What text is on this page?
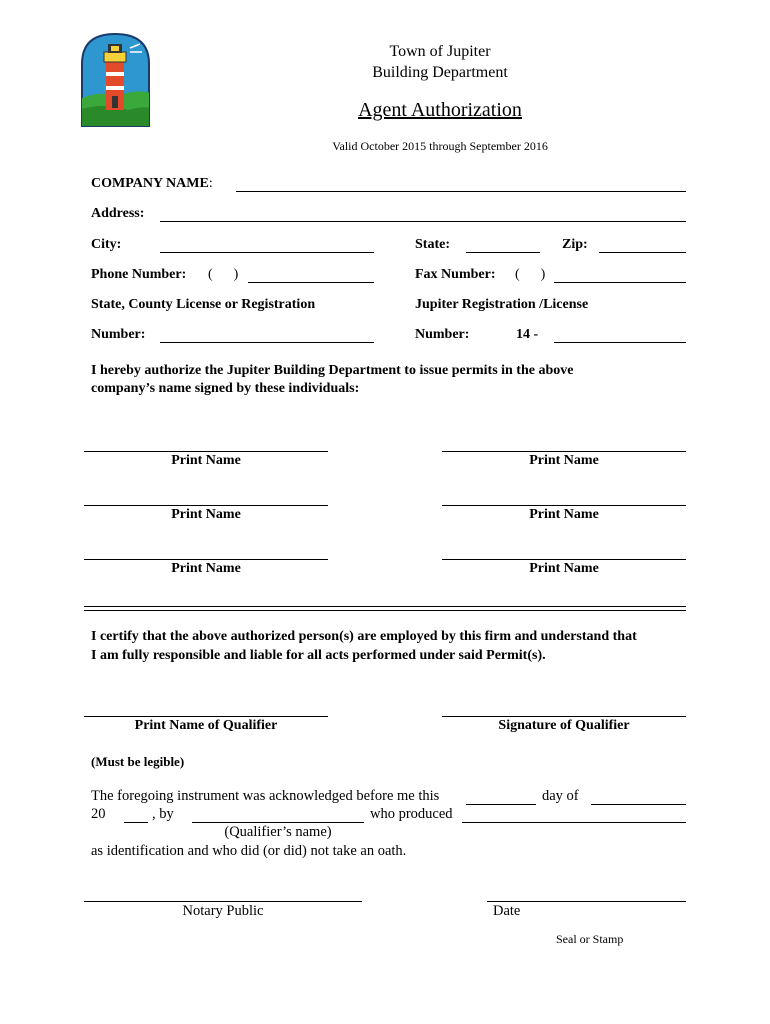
Town of Jupiter
Building Department
Agent Authorization
Valid October 2015 through September 2016
COMPANY NAME:
Address:
City:	State:	Zip:
Phone Number: (      )	Fax Number: (      )
State, County License or Registration	Jupiter Registration /License
Number:	Number:	14 -
I hereby authorize the Jupiter Building Department to issue permits in the above
company’s name signed by these individuals:
Print Name	Print Name
Print Name	Print Name
Print Name	Print Name
I certify that the above authorized person(s) are employed by this firm and understand that
I am fully responsible and liable for all acts performed under said Permit(s).
Print Name of Qualifier	Signature of Qualifier
(Must be legible)
The foregoing instrument was acknowledged before me this	day of
20	, by	who produced
(Qualifier’s name)
as identification and who did (or did) not take an oath.
Notary Public	Date
Seal or Stamp
